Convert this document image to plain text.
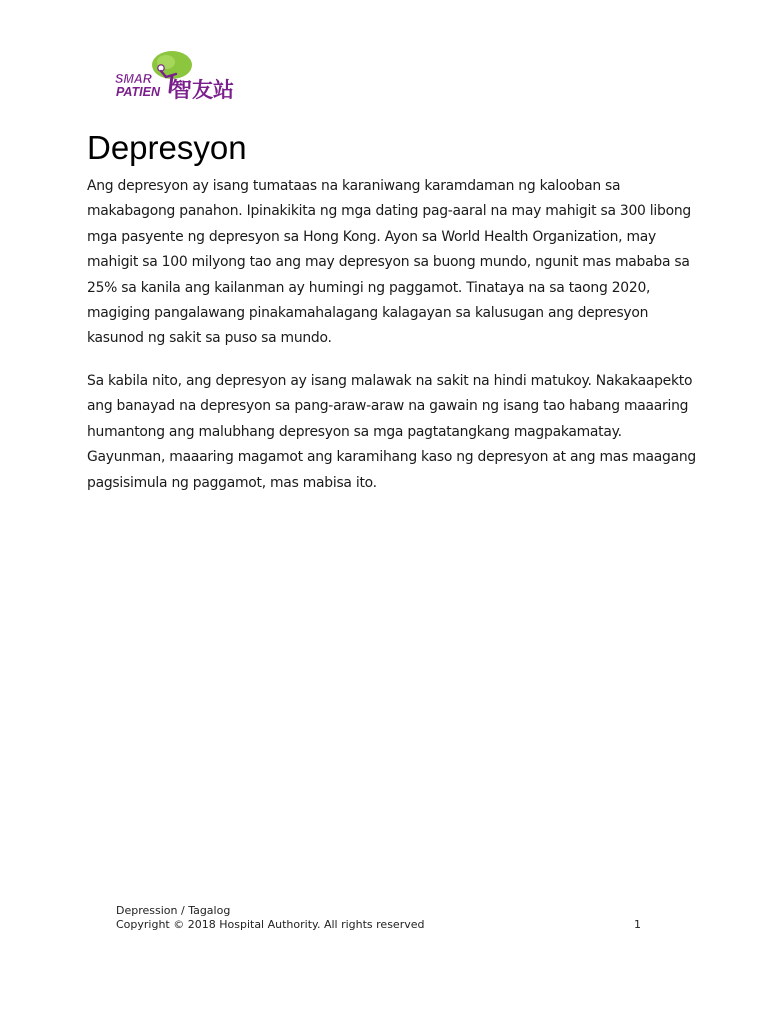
SMAR
PATIEN 智友站
Depresyon

Ang depresyon ay isang tumataas na karaniwang karamdaman ng kalooban sa makabagong panahon. Ipinakikita ng mga dating pag-aaral na may mahigit sa 300 libong mga pasyente ng depresyon sa Hong Kong. Ayon sa World Health Organization, may mahigit sa 100 milyong tao ang may depresyon sa buong mundo, ngunit mas mababa sa 25% sa kanila ang kailanman ay humingi ng paggamot. Tinataya na sa taong 2020, magiging pangalawang pinakamahalagang kalagayan sa kalusugan ang depresyon kasunod ng sakit sa puso sa mundo.

Sa kabila nito, ang depresyon ay isang malawak na sakit na hindi matukoy. Nakakaapekto ang banayad na depresyon sa pang-araw-araw na gawain ng isang tao habang maaaring humantong ang malubhang depresyon sa mga pagtatangkang magpakamatay. Gayunman, maaaring magamot ang karamihang kaso ng depresyon at ang mas maagang pagsisimula ng paggamot, mas mabisa ito.

Depression / Tagalog
Copyright © 2018 Hospital Authority. All rights reserved	1
